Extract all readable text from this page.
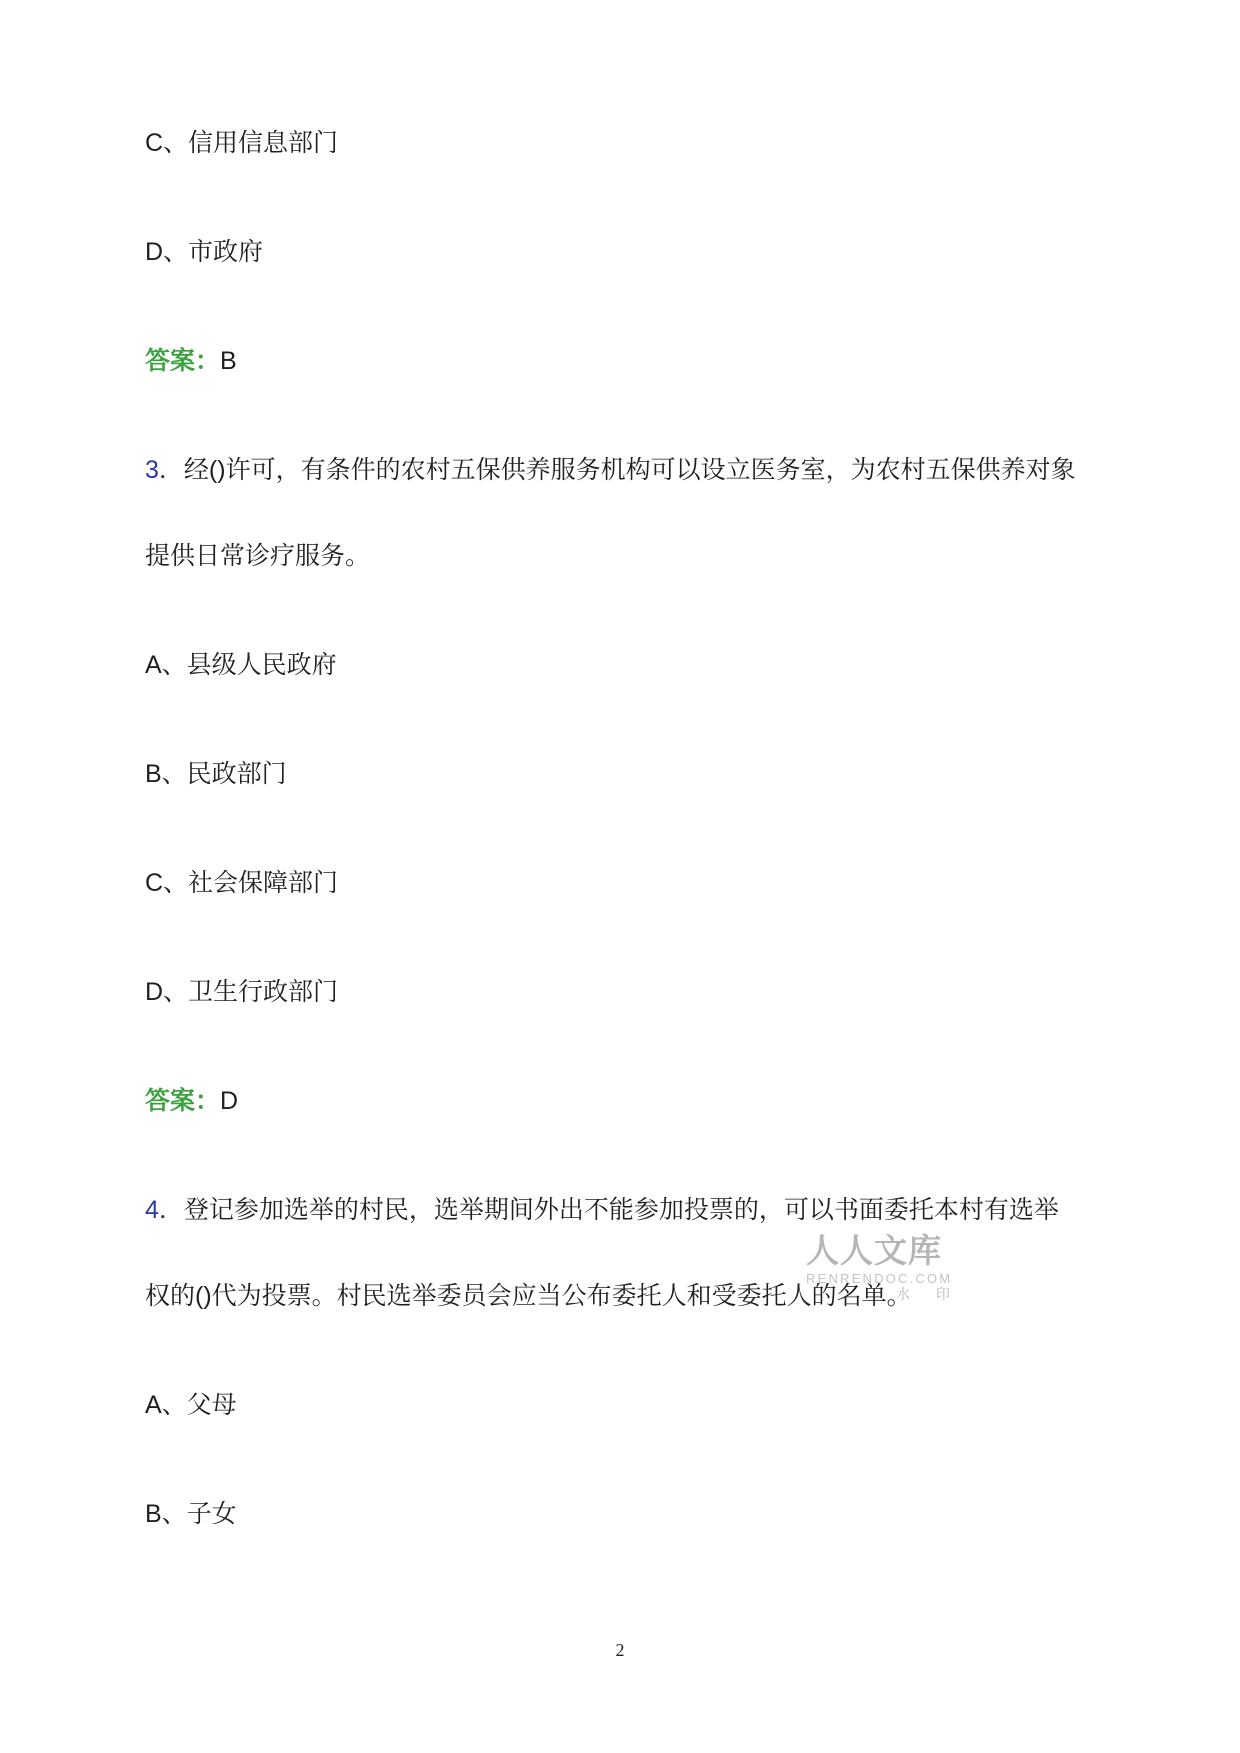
人人文库
RENRENDOC.COM
水 印
C、信用信息部门
D、市政府
答案：B
3．经()许可，有条件的农村五保供养服务机构可以设立医务室，为农村五保供养对象
提供日常诊疗服务。
A、县级人民政府
B、民政部门
C、社会保障部门
D、卫生行政部门
答案：D
4．登记参加选举的村民，选举期间外出不能参加投票的，可以书面委托本村有选举
权的()代为投票。村民选举委员会应当公布委托人和受委托人的名单。
A、父母
B、子女
2
